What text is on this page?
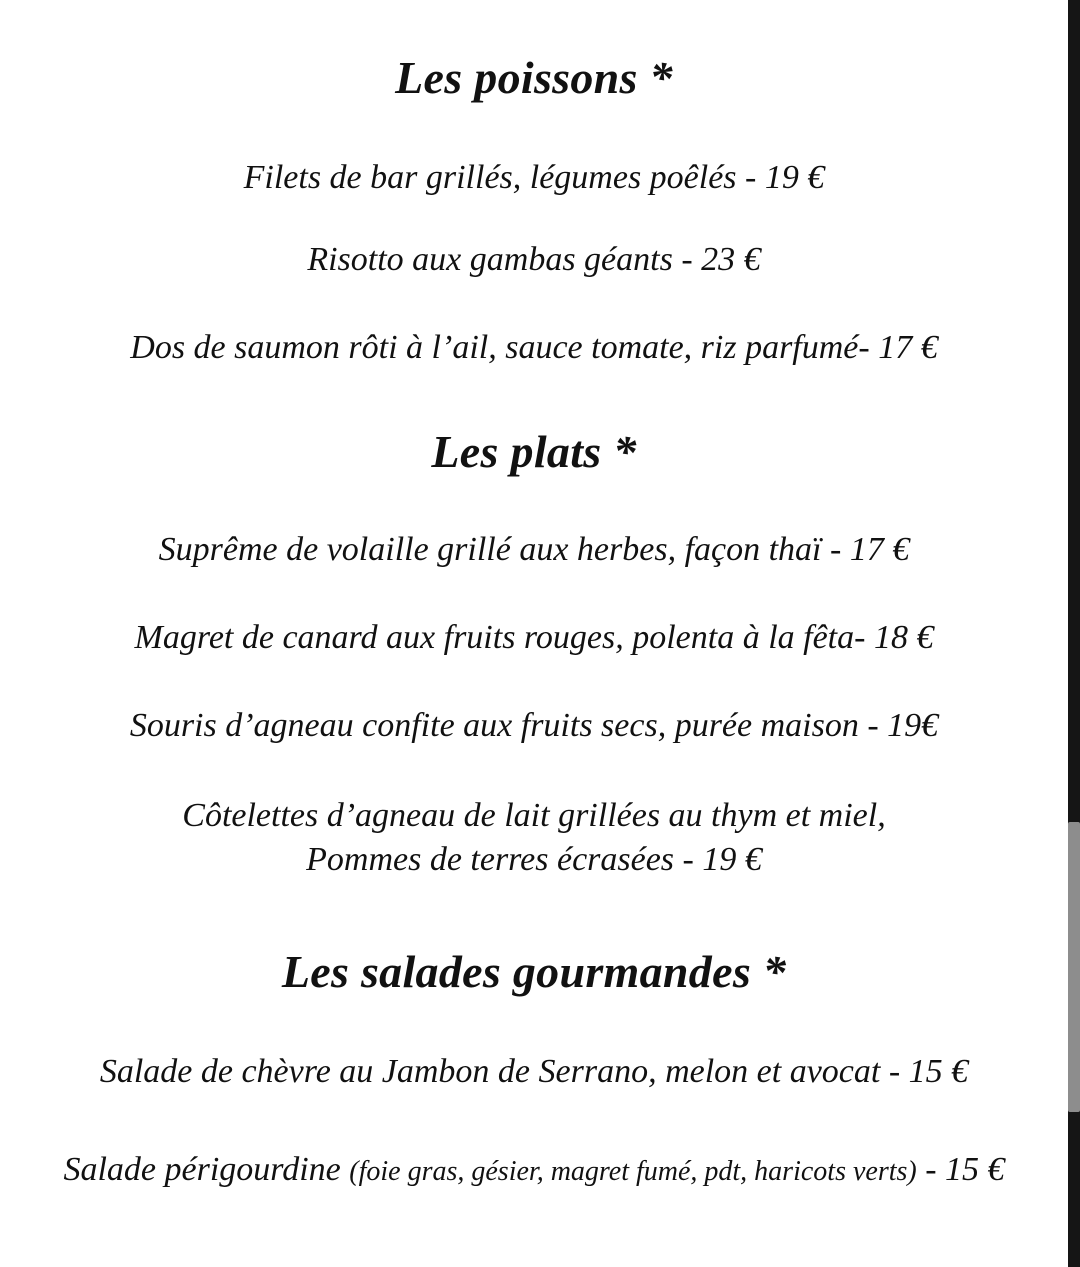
Les poissons *

Filets de bar grillés, légumes poêlés - 19 €

Risotto aux gambas géants - 23 €

Dos de saumon rôti à l’ail, sauce tomate, riz parfumé- 17 €

Les plats *

Suprême de volaille grillé aux herbes, façon thaï - 17 €

Magret de canard aux fruits rouges, polenta à la fêta- 18 €

Souris d’agneau confite aux fruits secs, purée maison - 19€

Côtelettes d’agneau de lait grillées au thym et miel,

Pommes de terres écrasées - 19 €

Les salades gourmandes *

Salade de chèvre au Jambon de Serrano, melon et avocat - 15 €

Salade périgourdine (foie gras, gésier, magret fumé, pdt, haricots verts) - 15 €
